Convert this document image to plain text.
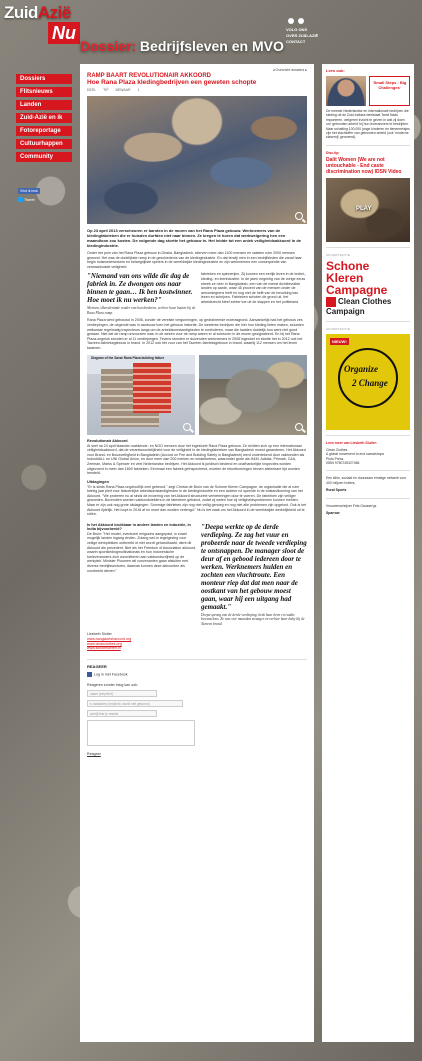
ZuidAzië
Nu
Dossier: Bedrijfsleven en MVO
VOLG ONS
OVER ZUID-AZIË
CONTACT
Dossiers
Flitsnieuws
Landen
Zuid-Azië en ik
Fotoreportage
Cultuurhappen
Community
Vind ik leuk
Tweet
◂ Overzicht dossiers ▸
RAMP BAART REVOLUTIONAIR AKKOORD
Hoe Rana Plaza kledingbedrijven een geweten schopte
DEEL TIP BEWAAR 1

Op 23 april 2013 verscheuren er barsten in de muren van het Rana Plaza gebouw. Werknemers van de kledingfabrieken die er huisden durfden niet naar binnen. Ze kregen te horen dat werkweigering hen een maandloon zou kosten. De volgende dag stortte het gebouw in. Het leidde tot een uniek veiligheidsakkoord in de kledingindustrie.

Onder het puin van het Rana Plaza gebouw in Dhaka, Bangladesh, stierven meer dan 1100 mensen en raakten ruim 2000 mensen gewond. Het was de dodelijkste ramp in de geschiedenis van de kledingindustrie. En dat terwijl men in een bedrijfsleden die vanaf haar begin hulsmedewerkers en belangrijkste spelers in de wereldwijde kledingindustrie en zijn werknemers een consequentie van verwaarloosde veiligheid.

"Niemand van ons wilde die dag de fabriek in. Ze dwongen ons naar binnen te gaan… Ik ben kostwinner. Hoe moet ik nu werken?"

Morium, slheraleninde reader van hun kinderen, verloor haar huizen bij de Rana Plaza ramp.

fabrieken en spinnerijen. Zij kunnen een eerlijk leven in de textiel-, kleding- en leerindustrie. In de jaren negentig van de vorige eeuw streek ze neer in Bangladesh, een van de meest dichtbevolkte landen op aarde, waar 45 procent van de mensen onder de armoedegrens leeft en nog niet de helft van de bevolking kan lezen en schrijven. Fabrieken schoten de grond uit, het arbeidsrecht bleef echter toe uit de slappen en het politieland.

Rana Plaza werd gebouwd in 2006, zonder de vereiste vergunningen, op gedraineerde moerasgrond. Aanvankelijk had het gebouw zes verdiepingen, de negende was in aanbouw toen het gebouw instortte. De westerse bedrijven die hier hun kleding lieten maken, stuurden weliswaar regelmatig inspecteurs langs om de arbeidsomstandigheden te controleren, maar die hadden duidelijk hun werk niet goed gedaan. Niet dat de ramp onvoorzien was: in de weken voor de ramp waren er al scheuren in de muren gesignaleerd. En bij het Rana Plaza-ongeluk stonden er al 11 verdiepingen. Tevens stonden er duizenden werknemers in 2005 ingestort en stortte het in 2012 ook het Tazreen-fabrieksgebouw in brand. In 2012 ook het vuur van het Tazreen-fabrieksgebouw in brand, waarbij 112 mensen om het leven kwamen.

Diagram of the Savar Rana Plaza building failure
Revolutionair Akkoord

Al snel na 24 april klaarden wakkende- en NGO mensen door het ingestorte Rana Plaza gebouw. Ze richtten zich op een internationaal veiligheidsakkoord, dat de verantwoordelijkheid voor de veiligheid in de kledingfabrieken van Bangladesh moest garanderen. Het Akkoord voor Brand- en Bouwveiligheid in Bangladesh (Accord on Fire and Building Safety in Bangladesh) werd ondertekend door vakbonden als IndustriALL en UNI Global Union, en door meer dan 200 merken en winkelketens, waaronder grote als H&M, Adidas, Primark, C&A, Zeeman, Marks & Spencer en veel Nederlandse bedrijven. Het Akkoord is juridisch bindend en onafhankelijke inspecties worden uitgevoerd in meer dan 1600 fabrieken. Eenmaal een fabriek geïnspecteerd, moeten de tekortkomingen binnen afzienbare tijd worden hersteld.

Uitdagingen

"Er is sinds Rana Plaza ongelooflijk veel gebeurd," zegt Christa de Bruin van de Schone Kleren Campagne, de organisatie die al ruim twintig jaar pleit voor fatsoenlijke arbeidsomstandigheden in de kledingindustrie en een actieve rol speelde in de totstandkoming van het Akkoord. "We proberen nu al sinds de invoering van het Akkoord structurele verbeteringen door te voeren. De fabrieken zijn veiliger geworden. Bovendien worden vakbondsleiders in de fabrieken getraind, zodat zij weten hoe zij veiligheidsproblemen kunnen melden. Maar er zijn ook nog grote uitdagingen. Sommige fabrieken zijn nog niet veilig genoeg en nog niet alle problemen zijn opgelost. Ook is het Akkoord tijdelijk. Het loopt in 2018 af en moet dan worden verlengd." Nu is het zaak om het Akkoord in de wereldwijde werkelijkheid uit te rollen.

Is het Akkoord bruikbaar in andere landen en industrie, in India bijvoorbeeld?

De Bruin: "Het model, eventueel enigszins aangepast, in zowel mogelijk landen ingang vinden. Zolang wel-in regelgeving voor veilige werkplekken ontbreekt of niet wordt gehandhaafd, dient dit Akkoord als precedent. Niet als het Freedom of Association akkoord, waarin sportkledingmultinationals en hun Indonesische toeleveranciers zich committeren aan vakbondsvrijheid op de werkplek. Minister Ploumen wil convenanten gaan afsluiten met diverse bedrijfssectoren, daarvan kunnen deze akkoorden als voorbeeld dienen."

"Deepa werkte op de derde verdieping. Ze zag het vuur en probeerde naar de tweede verdieping te ontsnappen. De manager sloot de deur af en gebood iedereen door te werken. Werknemers hulden en zochten een vluchtroute. Een monteur riep dat dat men naar de oostkant van het gebouw moest gaan, waar hij een uitgang had gemaakt."

Deepa sprong van de derde verdieping, brak haar been en raakte bewusteloos. Ze was vier maanden zwanger en verloor haar baby bij de Tazreen brand.

Liesbeth Sluiter
www.bangladeshaccord.org
www.cleanclothes.org
www.schonekleren.nl
REAGEER
Log in met Facebook
Reageren zonder inlog kan ook:
naam (verplicht)
e-mailadres (verplicht, wordt niet getoond)
schrijf hier je reactie
Reageer
Lees ook:
'Small Steps - Big Challenges'

De meeste Nederlandse en internationale bedrijven die kleding uit de Zuid-Indiase deelstaat Tamil Nadu importeren, weigeren inzicht te geven in wat zij doen om 'gebonden arbeid' bij hun leveranciers te bestrijden. Naar schatting 100.000 jonge kinderen en tienermeisjes zijn het slachtoffer van gebonden arbeid (ook 'moderne slavernij' genoemd).

Disc-tip:
Dalit Women (We are not untouchable - End caste discrimination now) IDSN Video
PLAY
ADVERTENTIE
Schone Kleren Campagne
Clean Clothes Campaign
ADVERTENTIE
NIEUW!
Organize
2 Change
Lees meer van Liesbeth Sluiter:
Clean Clothes
A global movement to end sweatshops
Pluto Press
ISBN 9780745327486

Een kilim, sociaal en duurzaam ernstige netwerk voor 400 miljoen Indiers,

Rural Sports

Vrouwenschrijver Frits Gausse'gs

Sparrow
